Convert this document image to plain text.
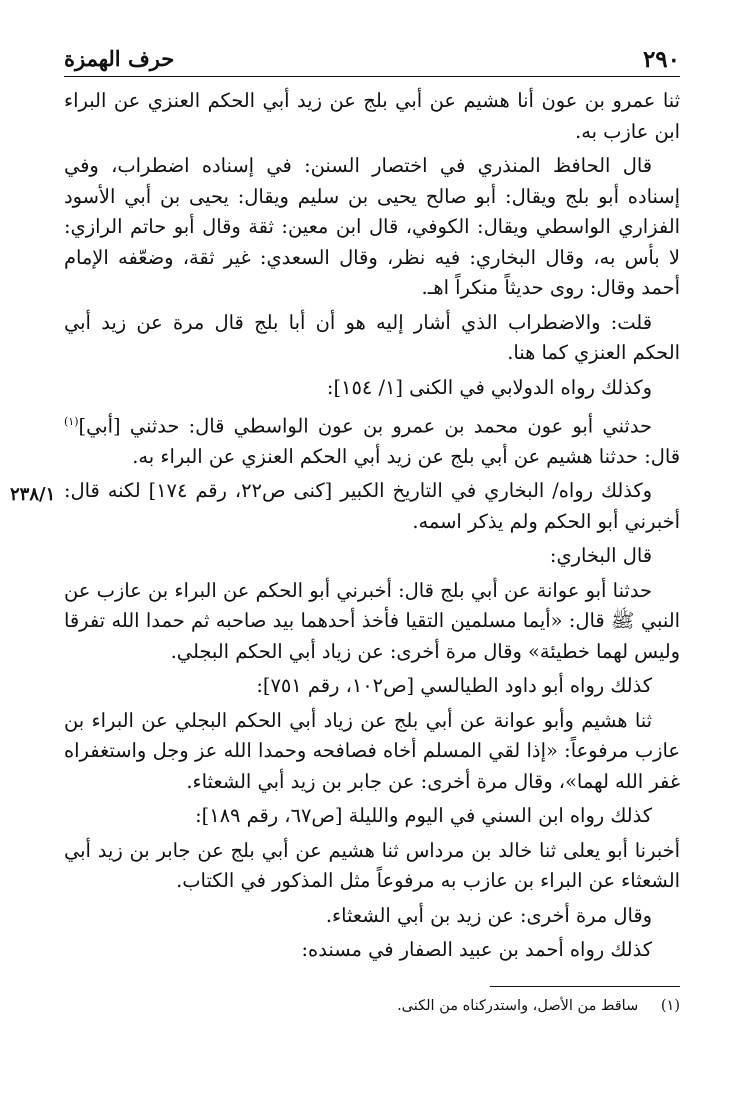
٢٩٠
حرف الهمزة

ثنا عمرو بن عون أنا هشيم عن أبي بلج عن زيد أبي الحكم العنزي عن البراء ابن عازب به.

قال الحافظ المنذري في اختصار السنن: في إسناده اضطراب، وفي إسناده أبو بلج ويقال: أبو صالح يحيى بن سليم ويقال: يحيى بن أبي الأسود الفزاري الواسطي ويقال: الكوفي، قال ابن معين: ثقة وقال أبو حاتم الرازي: لا بأس به، وقال البخاري: فيه نظر، وقال السعدي: غير ثقة، وضعّفه الإمام أحمد وقال: روى حديثاً منكراً اهـ.

قلت: والاضطراب الذي أشار إليه هو أن أبا بلج قال مرة عن زيد أبي الحكم العنزي كما هنا.

وكذلك رواه الدولابي في الكنى [١/ ١٥٤]:

حدثني أبو عون محمد بن عمرو بن عون الواسطي قال: حدثني [أبي]$^{(١)}$ قال: حدثنا هشيم عن أبي بلج عن زيد أبي الحكم العنزي عن البراء به.

وكذلك رواه/ البخاري في التاريخ الكبير [كنى ص٢٢، رقم ١٧٤] لكنه قال: أخبرني أبو الحكم ولم يذكر اسمه.

قال البخاري:

حدثنا أبو عوانة عن أبي بلج قال: أخبرني أبو الحكم عن البراء بن عازب عن النبي ﷺ قال: «أيما مسلمين التقيا فأخذ أحدهما بيد صاحبه ثم حمدا الله تفرقا وليس لهما خطيئة» وقال مرة أخرى: عن زياد أبي الحكم البجلي.

كذلك رواه أبو داود الطيالسي [ص١٠٢، رقم ٧٥١]:

ثنا هشيم وأبو عوانة عن أبي بلج عن زياد أبي الحكم البجلي عن البراء بن عازب مرفوعاً: «إذا لقي المسلم أخاه فصافحه وحمدا الله عز وجل واستغفراه غفر الله لهما»، وقال مرة أخرى: عن جابر بن زيد أبي الشعثاء.

كذلك رواه ابن السني في اليوم والليلة [ص٦٧، رقم ١٨٩]:

أخبرنا أبو يعلى ثنا خالد بن مرداس ثنا هشيم عن أبي بلج عن جابر بن زيد أبي الشعثاء عن البراء بن عازب به مرفوعاً مثل المذكور في الكتاب.

وقال مرة أخرى: عن زيد بن أبي الشعثاء.

كذلك رواه أحمد بن عبيد الصفار في مسنده:

٢٣٨/١
(١) ساقط من الأصل، واستدركناه من الكنى.
